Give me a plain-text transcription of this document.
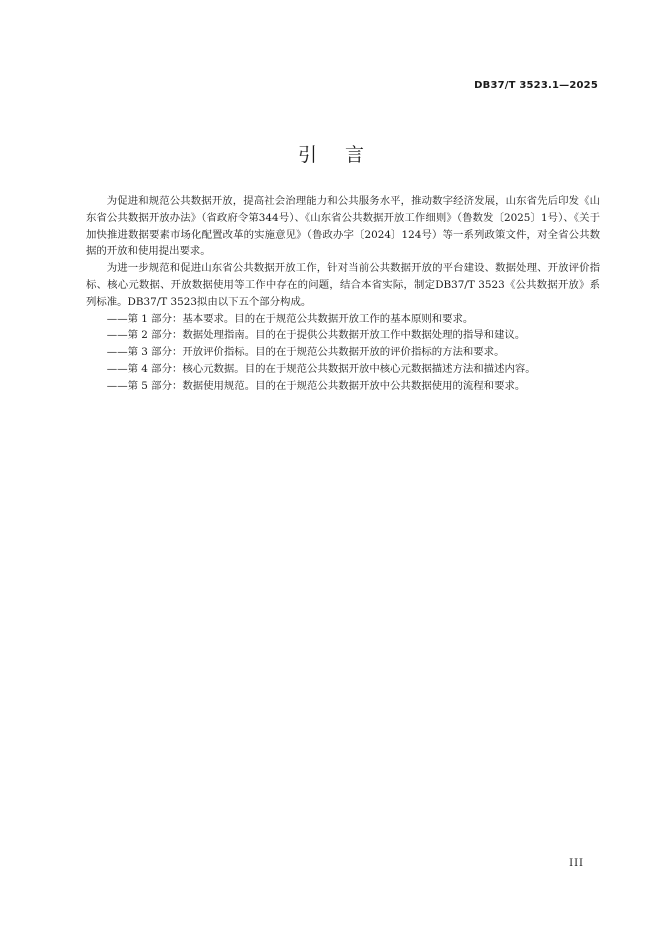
DB37/T 3523.1—2025
引言

为促进和规范公共数据开放，提高社会治理能力和公共服务水平，推动数字经济发展，山东省先后印发《山东省公共数据开放办法》（省政府令第344号）、《山东省公共数据开放工作细则》（鲁数发〔2025〕1号）、《关于加快推进数据要素市场化配置改革的实施意见》（鲁政办字〔2024〕124号）等一系列政策文件，对全省公共数据的开放和使用提出要求。

为进一步规范和促进山东省公共数据开放工作，针对当前公共数据开放的平台建设、数据处理、开放评价指标、核心元数据、开放数据使用等工作中存在的问题，结合本省实际，制定DB37/T 3523《公共数据开放》系列标准。DB37/T 3523拟由以下五个部分构成。

——第 1 部分：基本要求。目的在于规范公共数据开放工作的基本原则和要求。

——第 2 部分：数据处理指南。目的在于提供公共数据开放工作中数据处理的指导和建议。

——第 3 部分：开放评价指标。目的在于规范公共数据开放的评价指标的方法和要求。

——第 4 部分：核心元数据。目的在于规范公共数据开放中核心元数据描述方法和描述内容。

——第 5 部分：数据使用规范。目的在于规范公共数据开放中公共数据使用的流程和要求。

III
